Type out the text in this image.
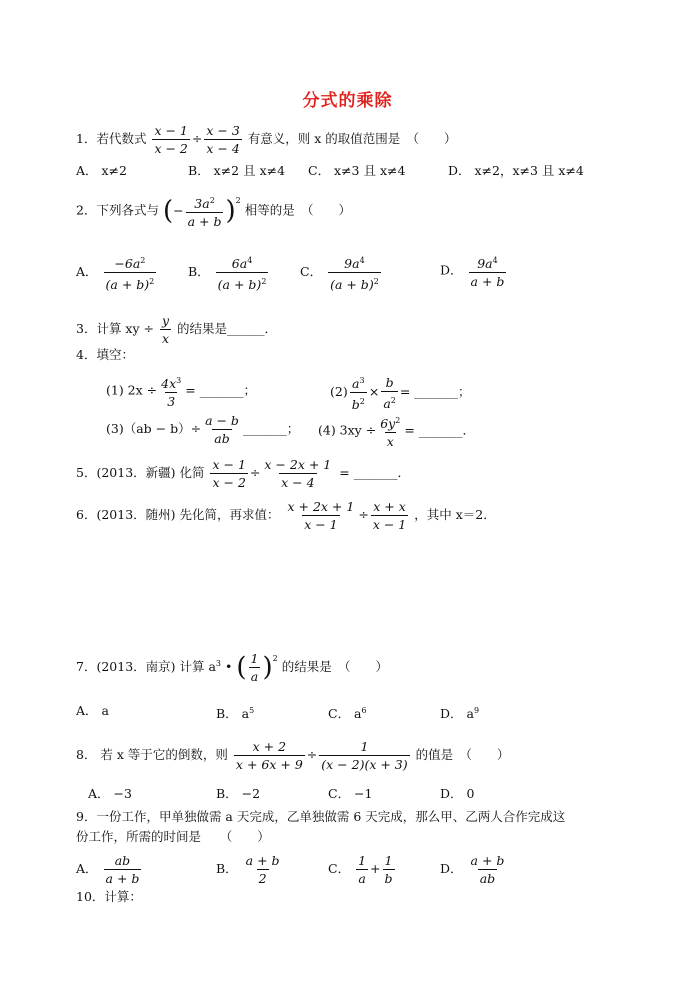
分式的乘除
1．若代数式 $\frac{x - 1}{x - 2} \div \frac{x - 3}{x - 4}$ 有意义，则 x 的取值范围是　（　　）
A． x≠2	B． x≠2 且 x≠4 C． x≠3 且 x≠4	D． x≠2，x≠3 且 x≠4
2．下列各式与 (− $\frac{3a^2}{a + b} )^2$ 相等的是　（　　）
A． $\frac{-6a^2}{(a + b)^2}$	B． $\frac{6a^4}{(a + b)^2}$	C． $\frac{9a^4}{(a + b)^2}$	D． $\frac{9a^4}{a + b}$
3．计算 xy ÷ $\frac{y}{x}$ 的结果是______．
4．填空：
(1) $2x \div \frac{4x^3}{3}$ = _______；	$(2) \frac{a^3}{b^2} \times \frac{b}{a^2}$ = _______；
$(3)(ab - b)\div \frac{a - b}{ab}$ _______； (4) $3xy \div \frac{6y^2}{x}$ = _______．
5．(2013．新疆) 化简 $\frac{x - 1}{x - 2} \div \frac{x - 2x + 1}{x - 4}$ = _______．
6．(2013．随州) 先化简，再求值： $\frac{x + 2x + 1}{x - 1} \div \frac{x + x}{x - 1}$ ，其中 x＝2．
7．(2013．南京) 计算 $a^3$ • ( $\frac{1}{a} )^2$ 的结果是　（　　）
A． a	B． $a^5$	C． $a^6$	D． $a^9$
8． 若 x 等于它的倒数，则 $\frac{x + 2}{x + 6x + 9} \div \frac{1}{(x - 2)(x + 3)}$ 的值是　（　　）
A． −3	B． −2	C． −1	D． 0
9．一份工作，甲单独做需 a 天完成，乙单独做需 6 天完成，那么甲、乙两人合作完成这
份工作，所需的时间是　　（　　）
A． $\frac{ab}{a + b}$	B． $\frac{a + b}{2}$	C． $\frac{1}{a} + \frac{1}{b}$	D． $\frac{a + b}{ab}$
10．计算：
